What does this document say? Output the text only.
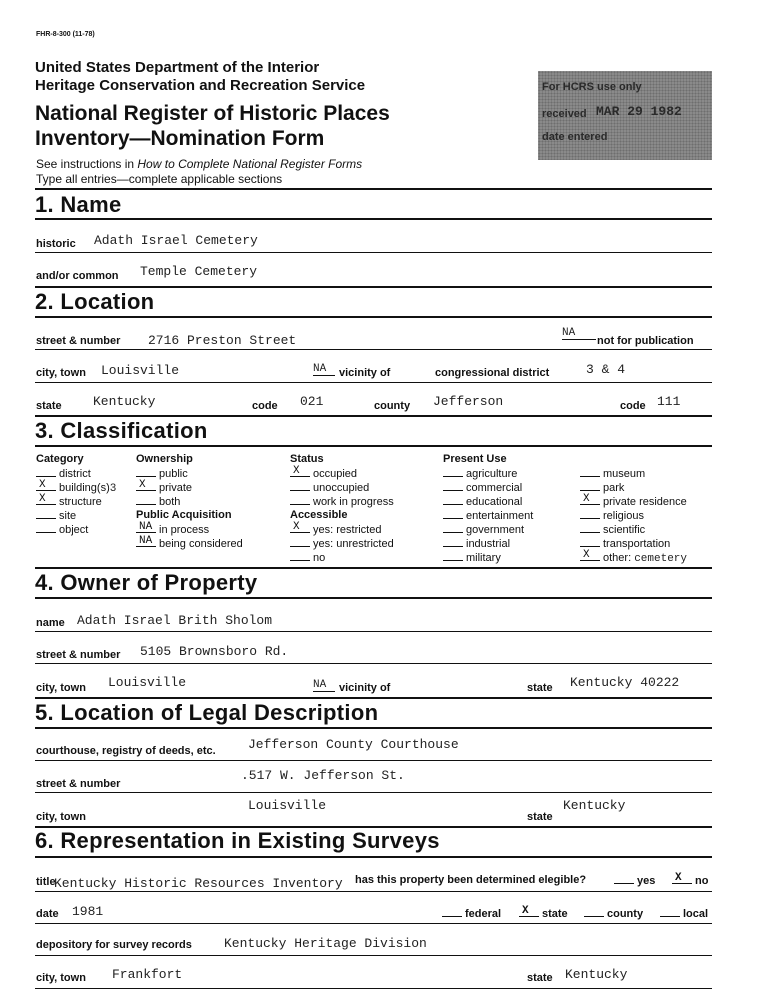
FHR-8-300 (11-78)
United States Department of the Interior
Heritage Conservation and Recreation Service
National Register of Historic Places
Inventory—Nomination Form
See instructions in How to Complete National Register Forms
Type all entries—complete applicable sections
For HCRS use only
received MAR 29 1982
date entered
1. Name
historic Adath Israel Cemetery
and/or common Temple Cemetery
2. Location
street & number 2716 Preston Street	NA
not for publication
city, town Louisville	NA	vicinity of	congressional district	3 & 4
state Kentucky	code 021	county Jefferson	code 111
3. Classification
Category
district
X building(s)3
X structure
site
object
Ownership
public
X private
both
Public Acquisition
NA in process
NA being considered
Status
X occupied
unoccupied
work in progress
Accessible
X yes: restricted
yes: unrestricted
no
Present Use
agriculture
commercial
educational
entertainment
government
industrial
military
museum
park
X private residence
religious
scientific
transportation
X other: cemetery
4. Owner of Property
name Adath Israel Brith Sholom
street & number 5105 Brownsboro Rd.
city, town Louisville	NA	vicinity of	state Kentucky 40222
5. Location of Legal Description
courthouse, registry of deeds, etc. Jefferson County Courthouse
street & number
.517 W. Jefferson St.
city, town
Louisville
state
Kentucky
6. Representation in Existing Surveys
title
Kentucky Historic Resources Inventory has this property been determined elegible?	yes X no
date 1981	federal X state	county	local
depository for survey records Kentucky Heritage Division
city, town Frankfort	state Kentucky
